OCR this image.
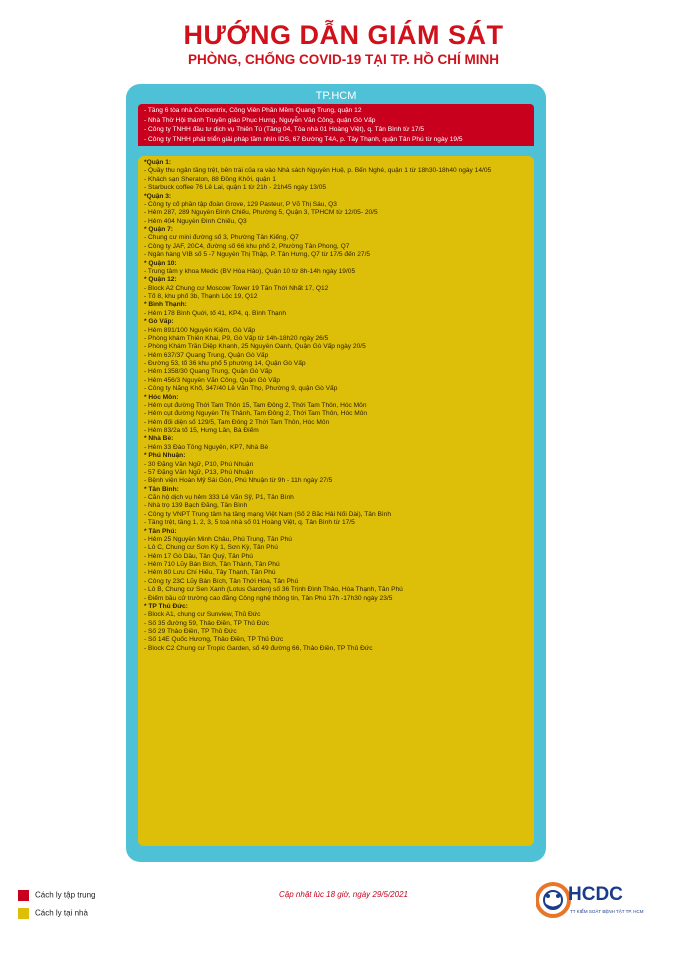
HƯỚNG DẪN GIÁM SÁT
PHÒNG, CHỐNG COVID-19 TẠI TP. HỒ CHÍ MINH
TP.HCM
- Tầng 6 tòa nhà Concentrix, Công Viên Phần Mềm Quang Trung, quận 12
- Nhà Thờ Hội thánh Truyền giáo Phục Hưng, Nguyễn Văn Công, quận Gò Vấp
- Công ty TNHH đầu tư dịch vụ Thiên Tú (Tầng 04, Tòa nhà 01 Hoàng Việt), q. Tân Bình từ 17/5
- Công ty TNHH phát triển giải pháp tầm nhìn IDS, 67 Đường T4A, p. Tây Thạnh, quận Tân Phú từ ngày 19/5
*Quận 1:
- Quầy thu ngân tầng trệt, bên trái của ra vào Nhà sách Nguyễn Huệ, p. Bến Nghé, quận 1 từ 18h30-18h40 ngày 14/05
- Khách sạn Sheraton, 88 Đồng Khởi, quận 1
- Starbuck coffee 76 Lê Lai, quận 1 từ 21h - 21h45 ngày 13/05
*Quận 3:
- Công ty cổ phần tập đoàn Grove, 129 Pasteur, P Võ Thị Sáu, Q3
- Hẻm 287, 289 Nguyễn Đình Chiểu, Phường 5, Quận 3, TPHCM từ 12/05- 20/5
- Hẻm 404 Nguyễn Đình Chiểu, Q3
* Quận 7:
- Chung cư mini đường số 3, Phường Tân Kiểng, Q7
- Công ty JAF, 20C4, đường số 66 khu phố 2, Phường Tân Phong, Q7
- Ngân hàng VIB số 5 -7 Nguyễn Thị Thập, P. Tân Hưng, Q7 từ 17/5 đến 27/5
* Quận 10:
- Trung tâm y khoa Medic (BV Hòa Hảo), Quận 10 từ 8h-14h ngày 19/05
* Quận 12:
- Block A2 Chung cư Moscow Tower 19 Tân Thới Nhất 17, Q12
- Tổ 8, khu phố 3b, Thạnh Lộc 19, Q12
* Bình Thạnh:
- Hẻm 178 Bình Quới, tổ 41, KP4, q. Bình Thạnh
* Gò Vấp:
- Hẻm 891/100 Nguyễn Kiệm, Gò Vấp
- Phòng khám Thiên Khai, P9, Gò Vấp từ 14h-18h20 ngày 26/5
- Phòng Khám Trần Diệp Khanh, 25 Nguyễn Oanh, Quận Gò Vấp ngày 20/5
- Hẻm 637/37 Quang Trung, Quận Gò Vấp
- Đường 53, tổ 36 khu phố 5 phường 14, Quận Gò Vấp
- Hẻm 1358/30 Quang Trung, Quận Gò Vấp
- Hẻm 456/3 Nguyễn Văn Công, Quận Gò Vấp
- Công ty Năng Khổ, 347/40 Lê Văn Thọ, Phường 9, quận Gò Vấp
* Hóc Môn:
- Hẻm cụt đường Thới Tam Thôn 15, Tam Đông 2, Thới Tam Thôn, Hóc Môn
- Hẻm cụt đường Nguyễn Thị Thảnh, Tam Đông 2, Thới Tam Thôn, Hóc Môn
- Hẻm đối diện số 129/5, Tam Đông 2 Thới Tam Thôn, Hóc Môn
- Hẻm 83/2a tổ 15, Hưng Lân, Bà Điểm
* Nhà Bè:
- Hẻm 33 Đào Tông Nguyên, KP7, Nhà Bè
* Phú Nhuận:
- 30 Đặng Văn Ngữ, P10, Phú Nhuận
- 57 Đặng Văn Ngữ, P13, Phú Nhuận
- Bệnh viện Hoàn Mỹ Sài Gòn, Phú Nhuận từ 9h - 11h ngày 27/5
* Tân Bình:
- Căn hộ dịch vụ hẻm 333 Lê Văn Sỹ, P1, Tân Bình
- Nhà trọ 139 Bạch Đằng, Tân Bình
- Công ty VNPT Trung tâm hạ tầng mạng Việt Nam (Số 2 Bắc Hải Nối Dài), Tân Bình
- Tầng trệt, tầng 1, 2, 3, 5 toà nhà số 01 Hoàng Việt, q. Tân Bình từ 17/5
* Tân Phú:
- Hẻm 25 Nguyễn Minh Châu, Phú Trung, Tân Phú
- Lô C, Chung cư Sơn Kỳ 1, Sơn Kỳ, Tân Phú
- Hẻm 17 Gò Dầu, Tân Quý, Tân Phú
- Hẻm 710 Lũy Bán Bích, Tân Thành, Tân Phú
- Hẻm 80 Lưu Chí Hiếu, Tây Thạnh, Tân Phú
- Công ty 23C Lũy Bán Bích, Tân Thới Hòa, Tân Phú
- Lô B, Chung cư Sen Xanh (Lotus Garden) số 36 Trịnh Đình Thảo, Hòa Thạnh, Tân Phú
- Điểm bầu cử trường cao đẳng Công nghệ thông tin, Tân Phú 17h -17h30 ngày 23/5
* TP Thủ Đức:
- Block A1, chung cư Sunview, Thủ Đức
- Số 35 đường 59, Thảo Điền, TP Thủ Đức
- Số 29 Thảo Điền, TP Thủ Đức
- Số 14E Quốc Hương, Thảo Điền, TP Thủ Đức
- Block C2 Chung cư Tropic Garden, số 49 đường 66, Thảo Điền, TP Thủ Đức
Cách ly tập trung
Cách ly tại nhà
Cập nhật lúc 18 giờ, ngày 29/5/2021	HCDC
TT KIỂM SOÁT BỆNH TẬT TP. HCM
